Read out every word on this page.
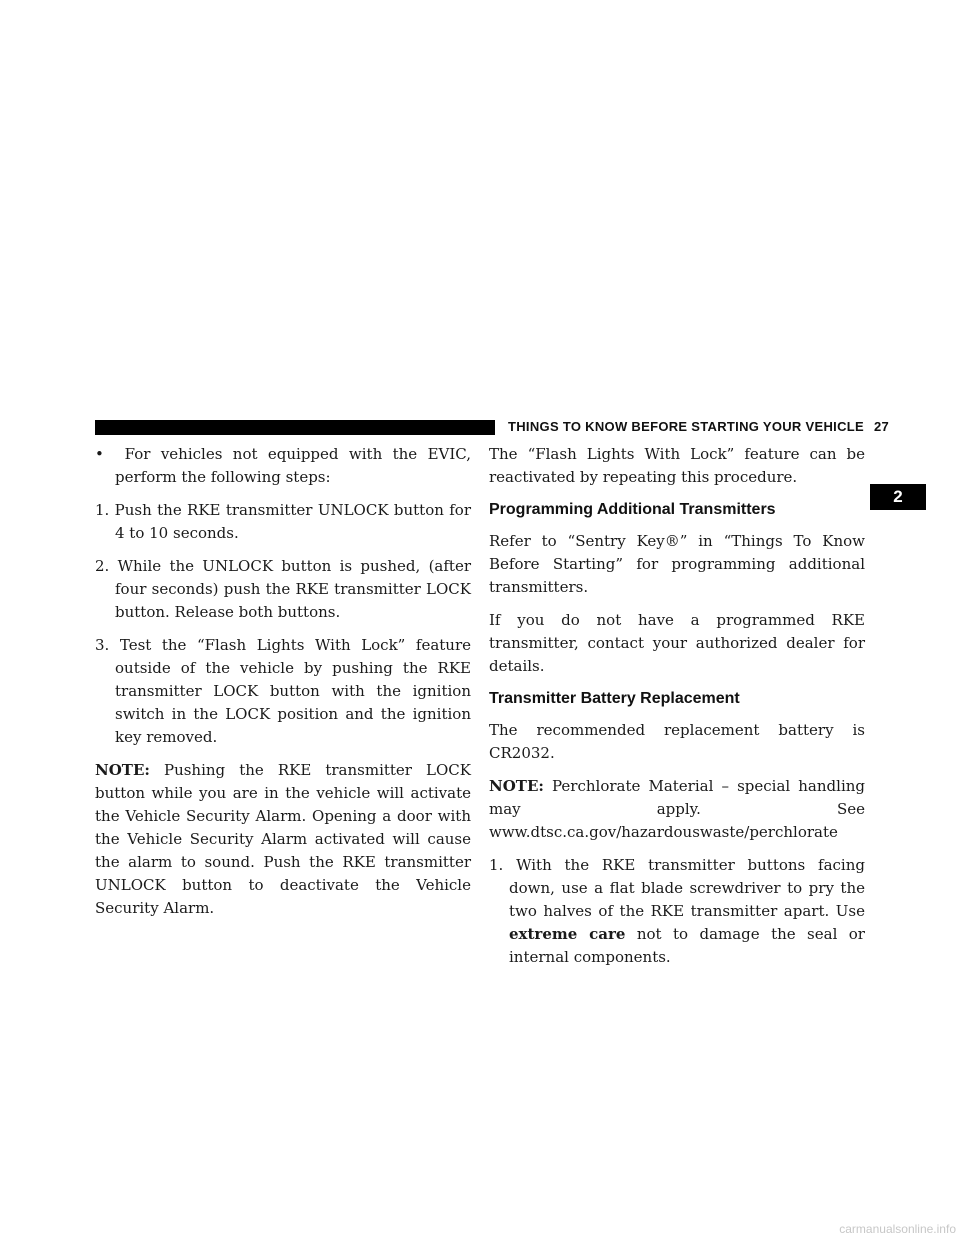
THINGS TO KNOW BEFORE STARTING YOUR VEHICLE 27
2

• For vehicles not equipped with the EVIC, perform the following steps:

1. Push the RKE transmitter UNLOCK button for 4 to 10 seconds.

2. While the UNLOCK button is pushed, (after four seconds) push the RKE transmitter LOCK button. Release both buttons.

3. Test the “Flash Lights With Lock” feature outside of the vehicle by pushing the RKE transmitter LOCK button with the ignition switch in the LOCK position and the ignition key removed.

NOTE: Pushing the RKE transmitter LOCK button while you are in the vehicle will activate the Vehicle Security Alarm. Opening a door with the Vehicle Security Alarm activated will cause the alarm to sound. Push the RKE transmitter UNLOCK button to deactivate the Vehicle Security Alarm.

The “Flash Lights With Lock” feature can be reactivated by repeating this procedure.

Programming Additional Transmitters

Refer to “Sentry Key®” in “Things To Know Before Starting” for programming additional transmitters.

If you do not have a programmed RKE transmitter, contact your authorized dealer for details.

Transmitter Battery Replacement

The recommended replacement battery is CR2032.

NOTE: Perchlorate Material – special handling may apply. See www.dtsc.ca.gov/hazardouswaste/perchlorate

1. With the RKE transmitter buttons facing down, use a flat blade screwdriver to pry the two halves of the RKE transmitter apart. Use extreme care not to damage the seal or internal components.

carmanualsonline.info
